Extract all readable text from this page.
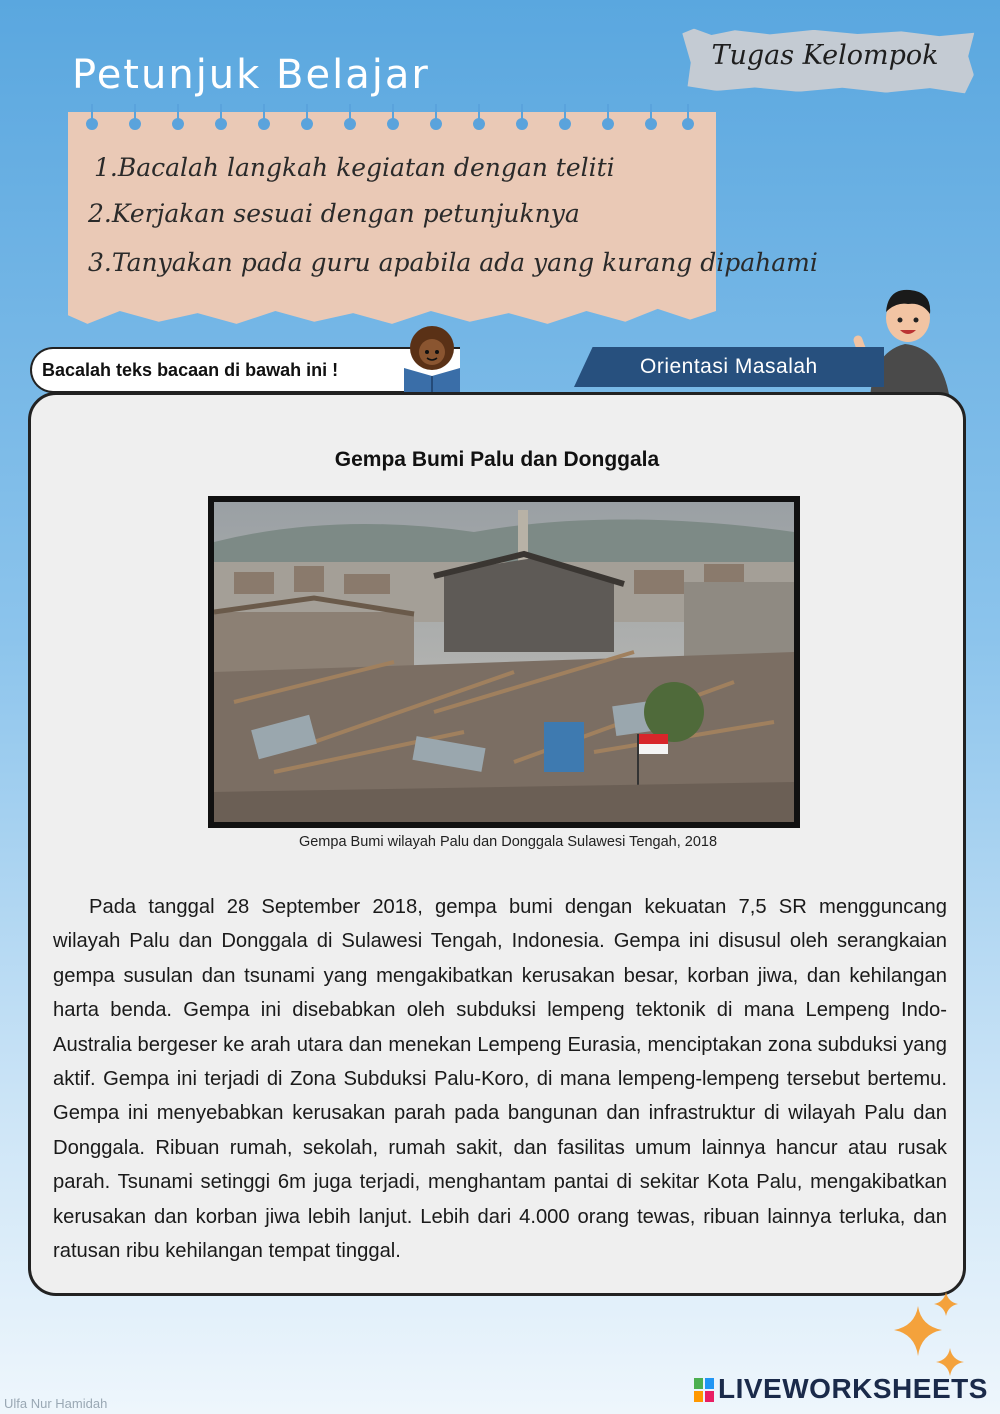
Petunjuk Belajar	Tugas Kelompok
1.Bacalah langkah kegiatan dengan teliti
2.Kerjakan sesuai dengan petunjuknya
3.Tanyakan pada guru apabila ada yang kurang dipahami
Bacalah teks bacaan di bawah ini !	Orientasi Masalah
Gempa Bumi Palu dan Donggala
Gempa Bumi wilayah Palu dan Donggala Sulawesi Tengah, 2018

Pada tanggal 28 September 2018, gempa bumi dengan kekuatan 7,5 SR mengguncang wilayah Palu dan Donggala di Sulawesi Tengah, Indonesia. Gempa ini disusul oleh serangkaian gempa susulan dan tsunami yang mengakibatkan kerusakan besar, korban jiwa, dan kehilangan harta benda. Gempa ini disebabkan oleh subduksi lempeng tektonik di mana Lempeng Indo-Australia bergeser ke arah utara dan menekan Lempeng Eurasia, menciptakan zona subduksi yang aktif. Gempa ini terjadi di Zona Subduksi Palu-Koro, di mana lempeng-lempeng tersebut bertemu. Gempa ini menyebabkan kerusakan parah pada bangunan dan infrastruktur di wilayah Palu dan Donggala. Ribuan rumah, sekolah, rumah sakit, dan fasilitas umum lainnya hancur atau rusak parah. Tsunami setinggi 6m juga terjadi, menghantam pantai di sekitar Kota Palu, mengakibatkan kerusakan dan korban jiwa lebih lanjut. Lebih dari 4.000 orang tewas, ribuan lainnya terluka, dan ratusan ribu kehilangan tempat tinggal.

LIVEWORKSHEETS
Ulfa Nur Hamidah
